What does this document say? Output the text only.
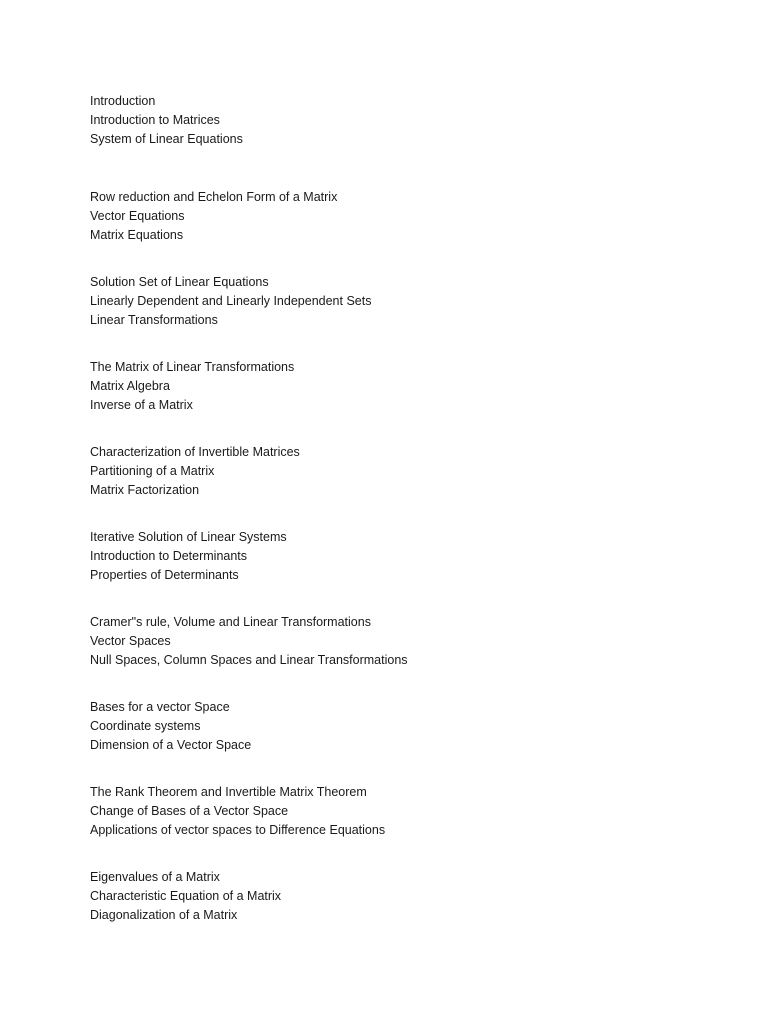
Introduction
Introduction to Matrices
System of Linear Equations
Row reduction and Echelon Form of a Matrix
Vector Equations
Matrix Equations
Solution Set of Linear Equations
Linearly Dependent and Linearly Independent Sets
Linear Transformations
The Matrix of Linear Transformations
Matrix Algebra
Inverse of a Matrix
Characterization of Invertible Matrices
Partitioning of a Matrix
Matrix Factorization
Iterative Solution of Linear Systems
Introduction to Determinants
Properties of Determinants
Cramer"s rule, Volume and Linear Transformations
Vector Spaces
Null Spaces, Column Spaces and Linear Transformations
Bases for a vector Space
Coordinate systems
Dimension of a Vector Space
The Rank Theorem and Invertible Matrix Theorem
Change of Bases of a Vector Space
Applications of vector spaces to Difference Equations
Eigenvalues of a Matrix
Characteristic Equation of a Matrix
Diagonalization of a Matrix
